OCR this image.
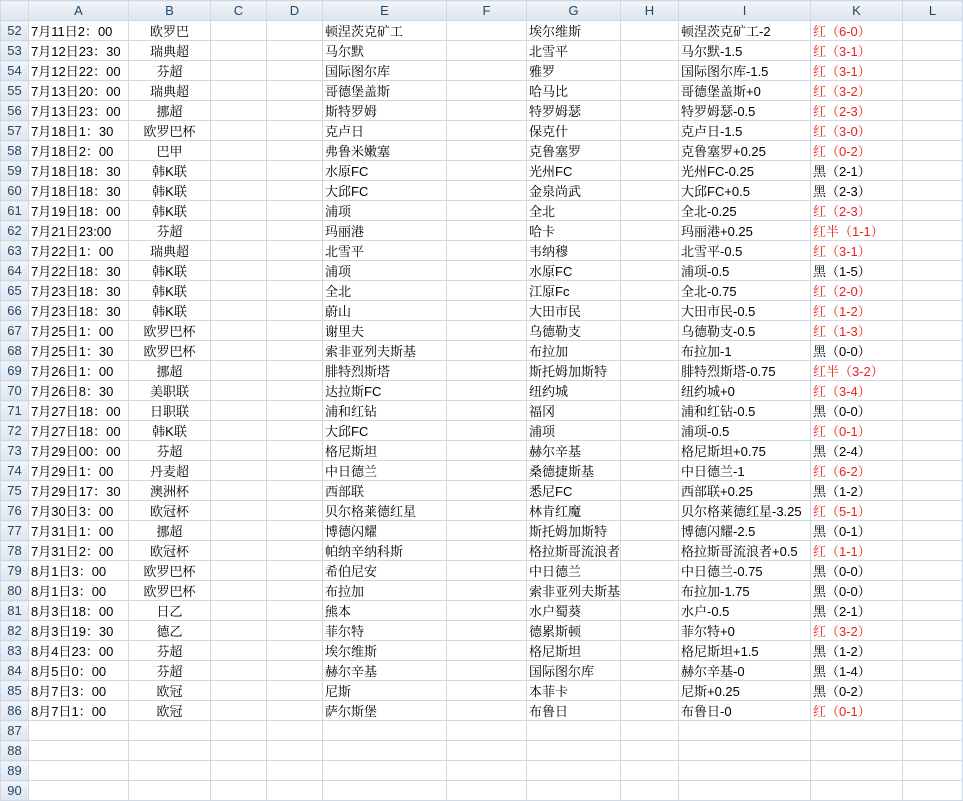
	A	B	C	D	E	F	G	H	I	K	L
52	7月11日2：00	欧罗巴			顿涅茨克矿工		埃尔维斯		顿涅茨克矿工-2	红（6-0）	
53	7月12日23：30	瑞典超			马尔默		北雪平		马尔默-1.5	红（3-1）	
54	7月12日22：00	芬超			国际图尔库		雅罗		国际图尔库-1.5	红（3-1）	
55	7月13日20：00	瑞典超			哥德堡盖斯		哈马比		哥德堡盖斯+0	红（3-2）	
56	7月13日23：00	挪超			斯特罗姆		特罗姆瑟		特罗姆瑟-0.5	红（2-3）	
57	7月18日1：30	欧罗巴杯			克卢日		保克什		克卢日-1.5	红（3-0）	
58	7月18日2：00	巴甲			弗鲁米嫩塞		克鲁塞罗		克鲁塞罗+0.25	红（0-2）	
59	7月18日18：30	韩K联			水原FC		光州FC		光州FC-0.25	黑（2-1）	
60	7月18日18：30	韩K联			大邱FC		金泉尚武		大邱FC+0.5	黑（2-3）	
61	7月19日18：00	韩K联			浦项		全北		全北-0.25	红（2-3）	
62	7月21日23:00	芬超			玛丽港		哈卡		玛丽港+0.25	红半（1-1）	
63	7月22日1：00	瑞典超			北雪平		韦纳穆		北雪平-0.5	红（3-1）	
64	7月22日18：30	韩K联			浦项		水原FC		浦项-0.5	黑（1-5）	
65	7月23日18：30	韩K联			全北		江原Fc		全北-0.75	红（2-0）	
66	7月23日18：30	韩K联			蔚山		大田市民		大田市民-0.5	红（1-2）	
67	7月25日1：00	欧罗巴杯			谢里夫		乌德勒支		乌德勒支-0.5	红（1-3）	
68	7月25日1：30	欧罗巴杯			索非亚列夫斯基		布拉加		布拉加-1	黑（0-0）	
69	7月26日1：00	挪超			腓特烈斯塔		斯托姆加斯特		腓特烈斯塔-0.75	红半（3-2）	
70	7月26日8：30	美职联			达拉斯FC		纽约城		纽约城+0	红（3-4）	
71	7月27日18：00	日职联			浦和红钻		福冈		浦和红钻-0.5	黑（0-0）	
72	7月27日18：00	韩K联			大邱FC		浦项		浦项-0.5	红（0-1）	
73	7月29日00：00	芬超			格尼斯坦		赫尔辛基		格尼斯坦+0.75	黑（2-4）	
74	7月29日1：00	丹麦超			中日德兰		桑德捷斯基		中日德兰-1	红（6-2）	
75	7月29日17：30	澳洲杯			西部联		悉尼FC		西部联+0.25	黑（1-2）	
76	7月30日3：00	欧冠杯			贝尔格莱德红星		林肯红魔		贝尔格莱德红星-3.25	红（5-1）	
77	7月31日1：00	挪超			博德闪耀		斯托姆加斯特		博德闪耀-2.5	黑（0-1）	
78	7月31日2：00	欧冠杯			帕纳辛纳科斯		格拉斯哥流浪者		格拉斯哥流浪者+0.5	红（1-1）	
79	8月1日3：00	欧罗巴杯			希伯尼安		中日德兰		中日德兰-0.75	黑（0-0）	
80	8月1日3：00	欧罗巴杯			布拉加		索非亚列夫斯基		布拉加-1.75	黑（0-0）	
81	8月3日18：00	日乙			熊本		水户蜀葵		水户-0.5	黑（2-1）	
82	8月3日19：30	德乙			菲尔特		德累斯顿		菲尔特+0	红（3-2）	
83	8月4日23：00	芬超			埃尔维斯		格尼斯坦		格尼斯坦+1.5	黑（1-2）	
84	8月5日0：00	芬超			赫尔辛基		国际图尔库		赫尔辛基-0	黑（1-4）	
85	8月7日3：00	欧冠			尼斯		本菲卡		尼斯+0.25	黑（0-2）	
86	8月7日1：00	欧冠			萨尔斯堡		布鲁日		布鲁日-0	红（0-1）	
87											
88											
89											
90											
